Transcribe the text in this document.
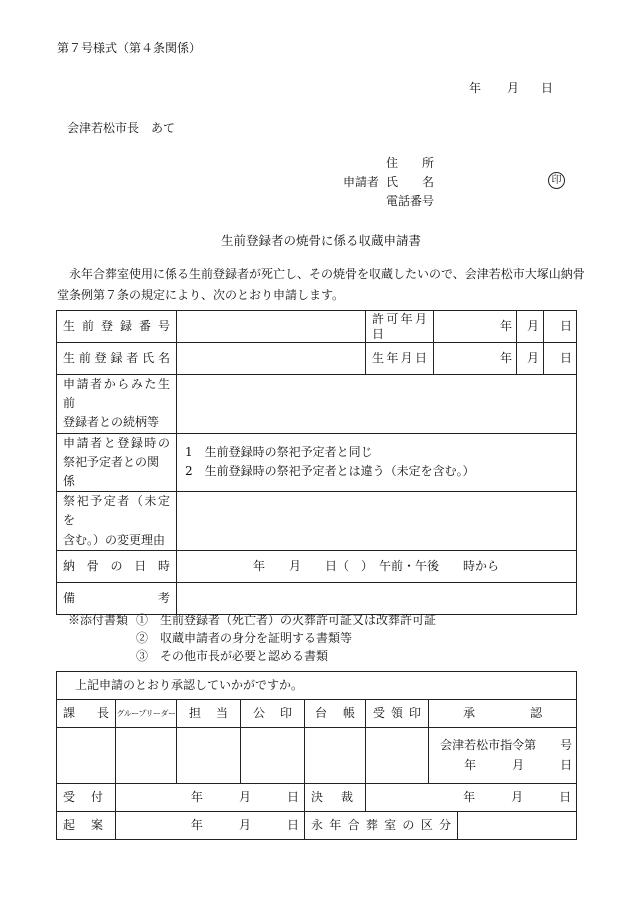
第７号様式（第４条関係）
年 月 日
会津若松市長　あて
住　　所
申請者 氏　　名
電話番号
印
生前登録者の焼骨に係る収蔵申請書
　永年合葬室使用に係る生前登録者が死亡し、その焼骨を収蔵したいので、会津若松市大塚山納骨
堂条例第７条の規定により、次のとおり申請します。
生前登録番号		許可年月日	年	月	日

生前登録者氏名		生年月日	年	月	日

申請者からみた生前
登録者との続柄等					

申請者と登録時の
祭祀予定者との関係	1　生前登録時の祭祀予定者と同じ
2　生前登録時の祭祀予定者とは違う（未定を含む。）				

祭祀予定者（未定を
含む。）の変更理由					

納骨の日時	年　　月　　日（　）　午前・午後　　時から				

備　　　　考					

※添付書類 ①　生前登録者（死亡者）の火葬許可証又は改葬許可証
②　収蔵申請者の身分を証明する書類等
③　その他市長が必要と認める書類
上記申請のとおり承認していかがですか。							

課長	グループリーダー	担当	公印	台帳	受領印	承認	

						会津若松市指令第　　号
年　　　 月　　　 日	

受付	年　　　 月　　　 日			決裁	年　　　 月　　　 日		

起案	年　　　 月　　　 日			永年合葬室の区分			
